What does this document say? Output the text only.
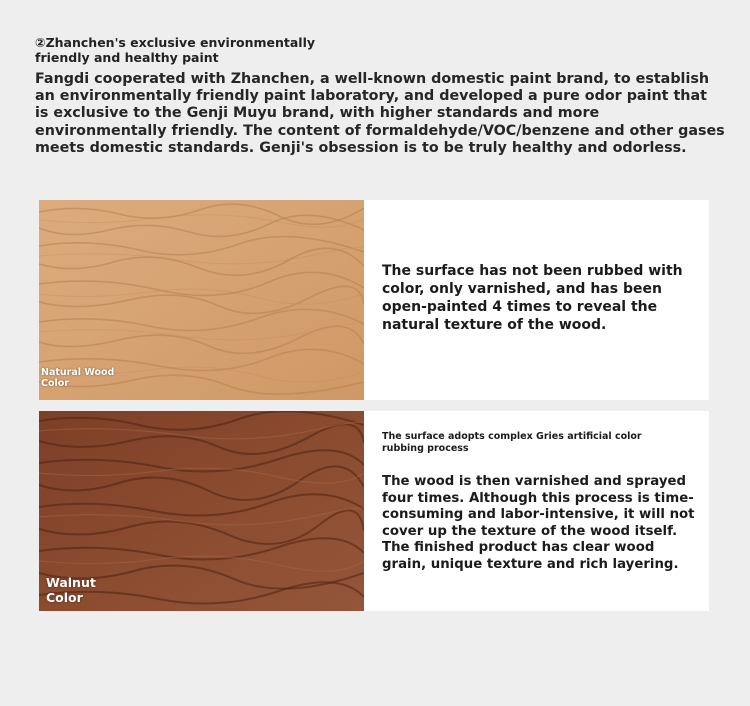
②Zhanchen's exclusive environmentally friendly and healthy paint
Fangdi cooperated with Zhanchen, a well-known domestic paint brand, to establish an environmentally friendly paint laboratory, and developed a pure odor paint that is exclusive to the Genji Muyu brand, with higher standards and more environmentally friendly. The content of formaldehyde/VOC/benzene and other gases meets domestic standards. Genji's obsession is to be truly healthy and odorless.
Natural Wood Color
The surface has not been rubbed with color, only varnished, and has been open-painted 4 times to reveal the natural texture of the wood.
Walnut Color
The surface adopts complex Gries artificial color rubbing process
The wood is then varnished and sprayed four times. Although this process is time-consuming and labor-intensive, it will not cover up the texture of the wood itself. The finished product has clear wood grain, unique texture and rich layering.
